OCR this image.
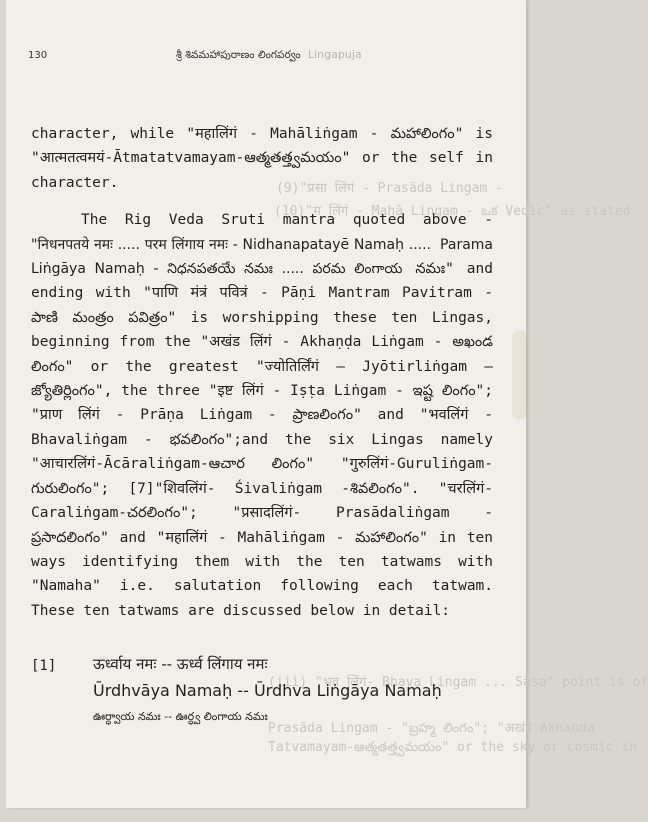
(9)"प्रसा लिंगं - Prasāda Lingam -
(10)"म लिंगं - Mahā Lingam - ఒక Vedic" as stated
(iii) "भव लिंगं- Bhava Lingam ... Sāsa" point is of
Prasāda Lingam - "బ్రహ్మ లింగం"; "अखंड Akhaṇḍa
Tatvamayam-ఆత్మతత్త్వమయం" or the sky or cosmic in
130	శ్రీ శివమహాపురాణం లింగపర్వం Lingapuja

character, while "महालिंगं - Mahāliṅgam - మహాలింగం" is "आत्मतत्वमयं-Ātmatatvamayam-ఆత్మతత్త్వమయం" or the self in character.

The Rig Veda Sruti mantra quoted above - "निधनपतये नमः ..... परम लिंगाय नमः - Nidhanapatayē Namaḥ ..... Parama Liṅgāya Namaḥ - నిధనపతయే నమః ..... పరమ లింగాయ నమః" and ending with "पाणि मंत्रं पवित्रं - Pāṇi Mantram Pavitram - పాణి మంత్రం పవిత్రం" is worshipping these ten Lingas, beginning from the "अखंड लिंगं - Akhaṇḍa Liṅgam - అఖండ లింగం" or the greatest "ज्योतिर्लिंगं – Jyōtirliṅgam – జ్యోతిర్లింగం", the three "इष्ट लिंगं - Iṣṭa Liṅgam - ఇష్ట లింగం"; "प्राण लिंगं - Prāṇa Liṅgam - ప్రాణలింగం" and "भवलिंगं - Bhavaliṅgam - భవలింగం";and the six Lingas namely "आचारलिंगं-Ācāraliṅgam-ఆచార లింగం" "गुरुलिंगं-Guruliṅgam- గురులింగం"; [7]"शिवलिंगं- Śivaliṅgam -శివలింగం". "चरलिंगं-Caraliṅgam-చరలింగం"; "प्रसादलिंगं- Prasādaliṅgam - ప్రసాదలింగం" and "महालिंगं - Mahāliṅgam - మహాలింగం" in ten ways identifying them with the ten tatwams with "Namaha" i.e. salutation following each tatwam. These ten tatwams are discussed below in detail:

[1] ऊर्ध्वाय नमः -- ऊर्ध्व लिंगाय नमः
Ūrdhvāya Namaḥ -- Ūrdhva Liṅgāya Namaḥ
ఊర్ధ్వాయ నమః -- ఊర్ధ్వ లింగాయ నమః
